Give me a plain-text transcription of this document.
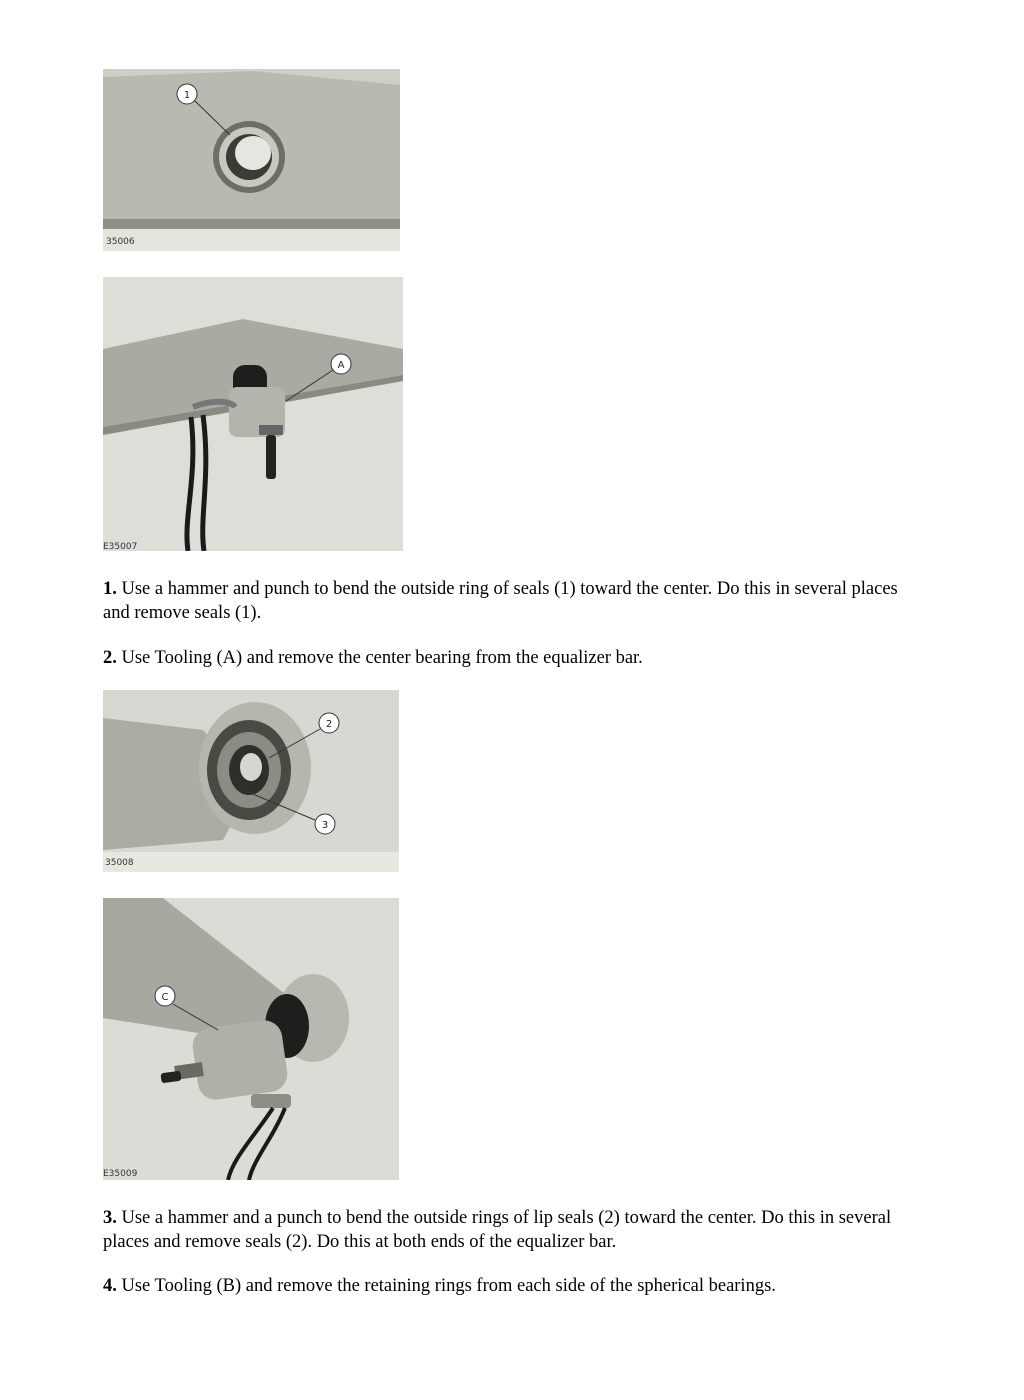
1
35006
A
E35007

1. Use a hammer and punch to bend the outside ring of seals (1) toward the center. Do this in several places and remove seals (1).

2. Use Tooling (A) and remove the center bearing from the equalizer bar.

2
3
35008
C
E35009

3. Use a hammer and a punch to bend the outside rings of lip seals (2) toward the center. Do this in several places and remove seals (2). Do this at both ends of the equalizer bar.

4. Use Tooling (B) and remove the retaining rings from each side of the spherical bearings.
